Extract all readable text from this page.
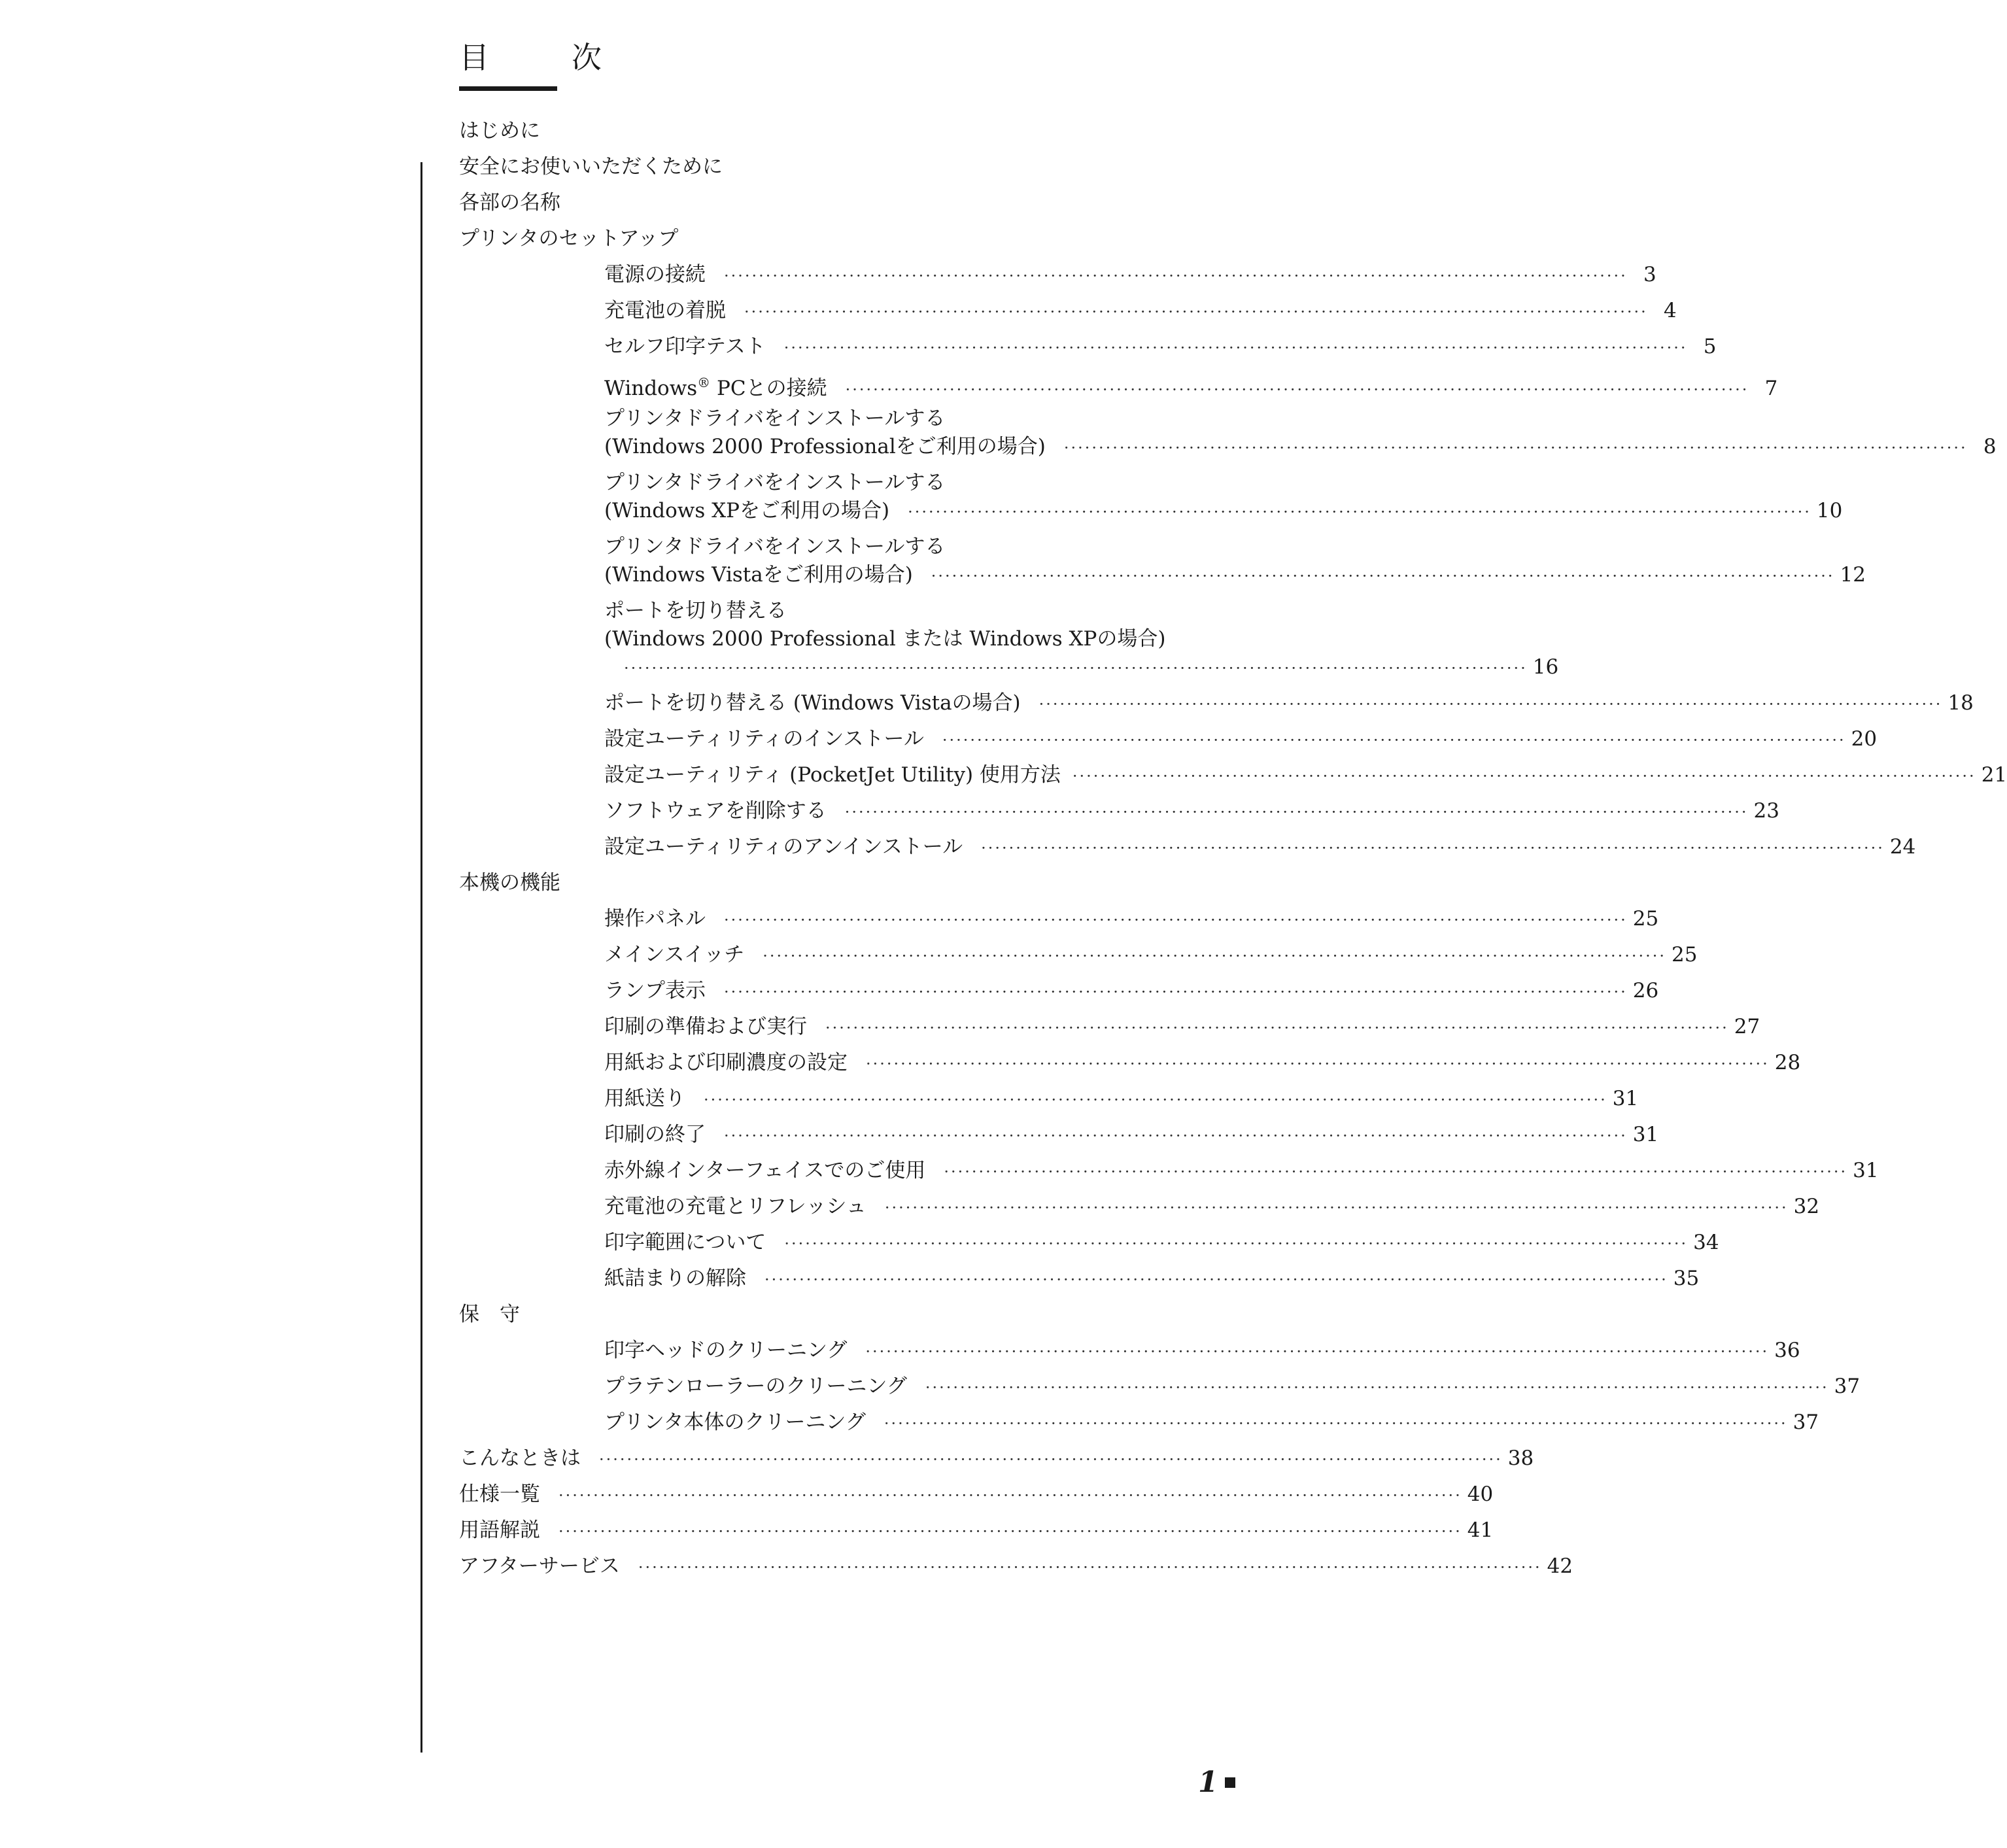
目　次
はじめに
安全にお使いいただくために
各部の名称
プリンタのセットアップ
電源の接続 ·································································································································· 3
充電池の着脱 ·································································································································· 4
セルフ印字テスト ·································································································································· 5
Windows® PCとの接続 ·································································································································· 7
プリンタドライバをインストールする
(Windows 2000 Professionalをご利用の場合) ·································································································································· 8
プリンタドライバをインストールする
(Windows XPをご利用の場合) ·································································································································· 10
プリンタドライバをインストールする
(Windows Vistaをご利用の場合) ·································································································································· 12
ポートを切り替える
(Windows 2000 Professional または Windows XPの場合)
·································································································································· 16
ポートを切り替える (Windows Vistaの場合) ·································································································································· 18
設定ユーティリティのインストール ·································································································································· 20
設定ユーティリティ (PocketJet Utility) 使用方法 ·································································································································· 21
ソフトウェアを削除する ·································································································································· 23
設定ユーティリティのアンインストール ·································································································································· 24
本機の機能
操作パネル ·································································································································· 25
メインスイッチ ·································································································································· 25
ランプ表示 ·································································································································· 26
印刷の準備および実行 ·································································································································· 27
用紙および印刷濃度の設定 ·································································································································· 28
用紙送り ·································································································································· 31
印刷の終了 ·································································································································· 31
赤外線インターフェイスでのご使用 ·································································································································· 31
充電池の充電とリフレッシュ ·································································································································· 32
印字範囲について ·································································································································· 34
紙詰まりの解除 ·································································································································· 35
保　守
印字ヘッドのクリーニング ·································································································································· 36
プラテンローラーのクリーニング ·································································································································· 37
プリンタ本体のクリーニング ·································································································································· 37
こんなときは ·································································································································· 38
仕様一覧 ·································································································································· 40
用語解説 ·································································································································· 41
アフターサービス ·································································································································· 42
1
